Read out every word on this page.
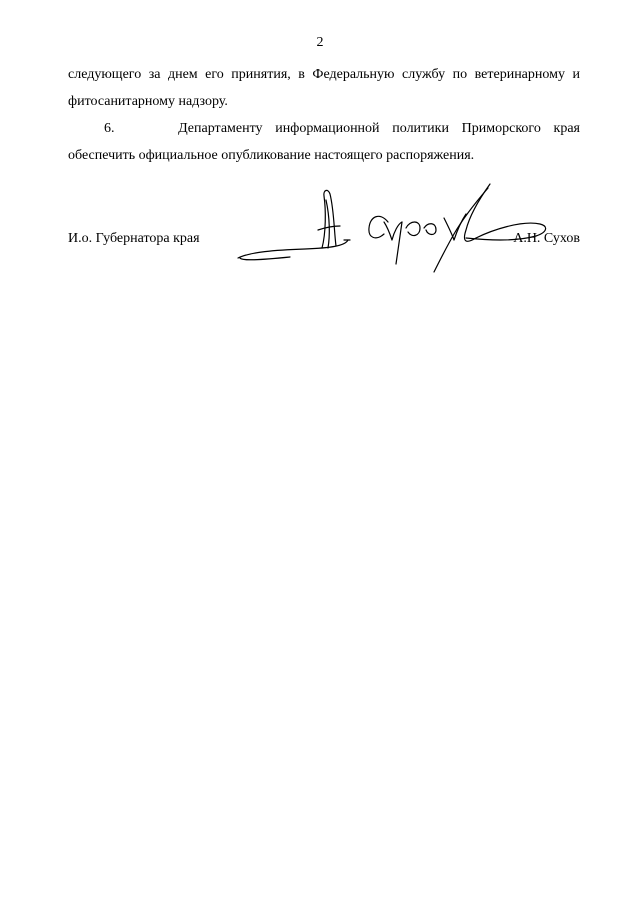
2

следующего за днем его принятия, в Федеральную службу по ветеринарному и

фитосанитарному надзору.

6.     Департаменту информационной политики Приморского края

обеспечить официальное опубликование настоящего распоряжения.

И.о. Губернатора края	А.Н. Сухов
